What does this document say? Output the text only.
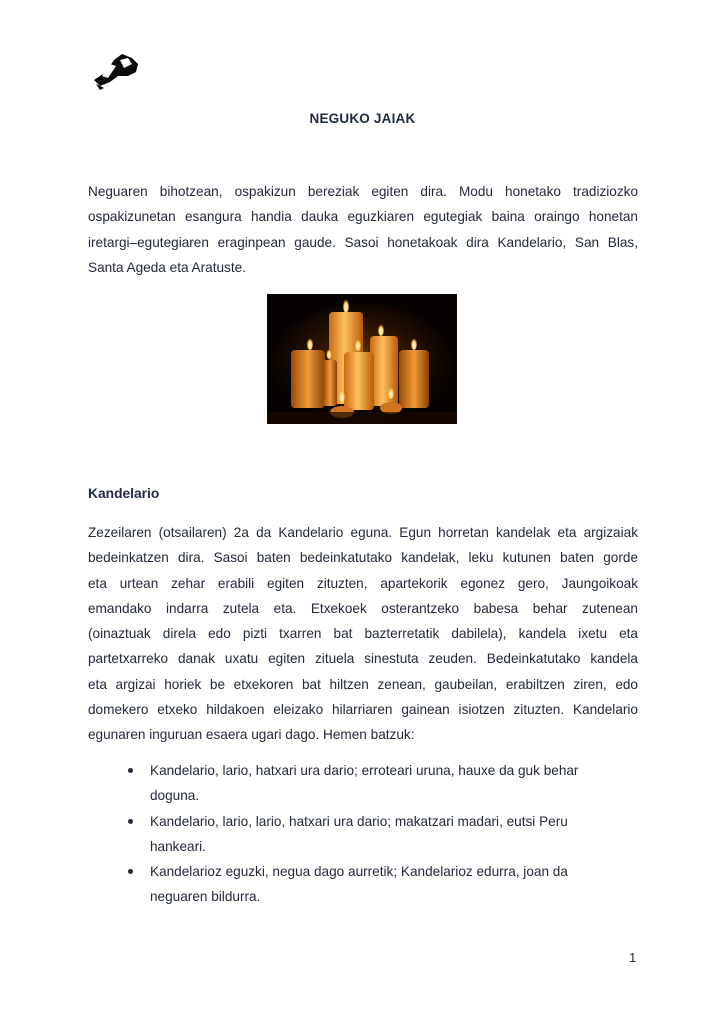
NEGUKO JAIAK
Neguaren bihotzean, ospakizun bereziak egiten dira. Modu honetako tradiziozko
ospakizunetan esangura handia dauka eguzkiaren egutegiak baina oraingo honetan
iretargi–egutegiaren eraginpean gaude. Sasoi honetakoak dira Kandelario, San Blas,
Santa Ageda eta Aratuste.
Kandelario
Zezeilaren (otsailaren) 2a da Kandelario eguna. Egun horretan kandelak eta argizaiak
bedeinkatzen dira. Sasoi baten bedeinkatutako kandelak, leku kutunen baten gorde
eta urtean zehar erabili egiten zituzten, apartekorik egonez gero, Jaungoikoak
emandako indarra zutela eta. Etxekoek osterantzeko babesa behar zutenean
(oinaztuak direla edo pizti txarren bat bazterretatik dabilela), kandela ixetu eta
partetxarreko danak uxatu egiten zituela sinestuta zeuden. Bedeinkatutako kandela
eta argizai horiek be etxekoren bat hiltzen zenean, gaubeilan, erabiltzen ziren, edo
domekero etxeko hildakoen eleizako hilarriaren gainean isiotzen zituzten. Kandelario
egunaren inguruan esaera ugari dago. Hemen batzuk:
Kandelario, lario, hatxari ura dario; erroteari uruna, hauxe da guk behar
doguna.
Kandelario, lario, lario, hatxari ura dario; makatzari madari, eutsi Peru
hankeari.
Kandelarioz eguzki, negua dago aurretik; Kandelarioz edurra, joan da
neguaren bildurra.
1
